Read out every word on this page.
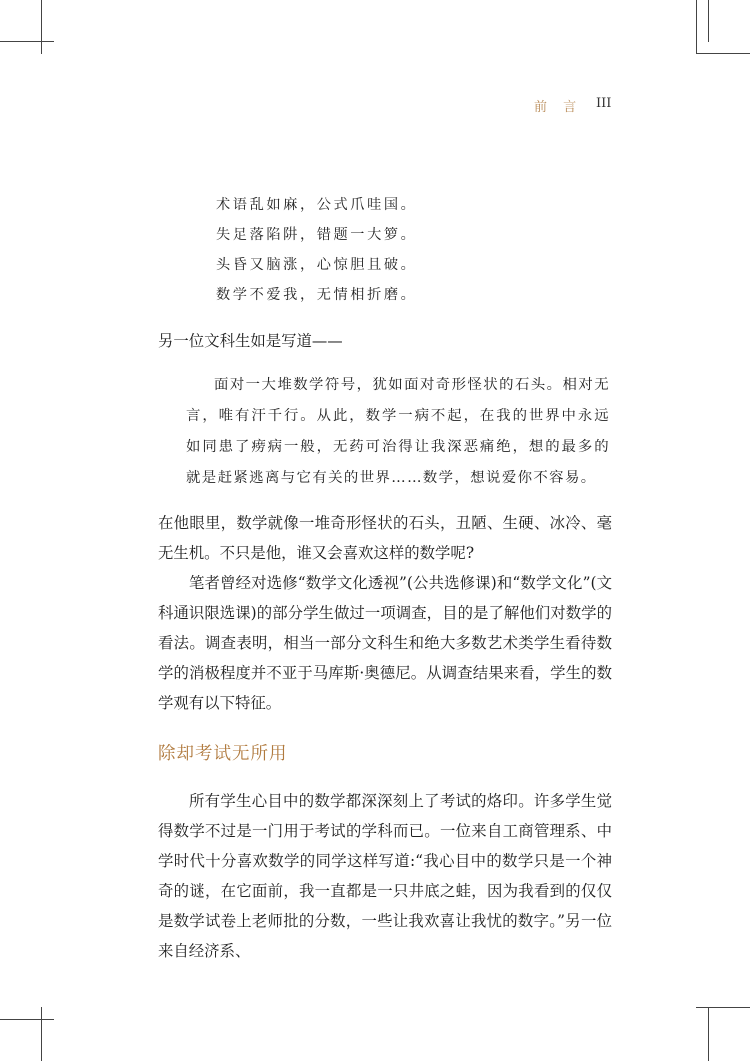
前 言 III
术语乱如麻，公式爪哇国。
失足落陷阱，错题一大箩。
头昏又脑涨，心惊胆且破。
数学不爱我，无情相折磨。

另一位文科生如是写道——

面对一大堆数学符号，犹如面对奇形怪状的石头。相对无言，唯有汗千行。从此，数学一病不起，在我的世界中永远如同患了痨病一般，无药可治得让我深恶痛绝，想的最多的就是赶紧逃离与它有关的世界……数学，想说爱你不容易。

在他眼里，数学就像一堆奇形怪状的石头，丑陋、生硬、冰冷、毫无生机。不只是他，谁又会喜欢这样的数学呢?

笔者曾经对选修“数学文化透视”(公共选修课)和“数学文化”(文科通识限选课)的部分学生做过一项调查，目的是了解他们对数学的看法。调查表明，相当一部分文科生和绝大多数艺术类学生看待数学的消极程度并不亚于马库斯·奥德尼。从调查结果来看，学生的数学观有以下特征。

除却考试无所用

所有学生心目中的数学都深深刻上了考试的烙印。许多学生觉得数学不过是一门用于考试的学科而已。一位来自工商管理系、中学时代十分喜欢数学的同学这样写道:“我心目中的数学只是一个神奇的谜，在它面前，我一直都是一只井底之蛙，因为我看到的仅仅是数学试卷上老师批的分数，一些让我欢喜让我忧的数字。”另一位来自经济系、
